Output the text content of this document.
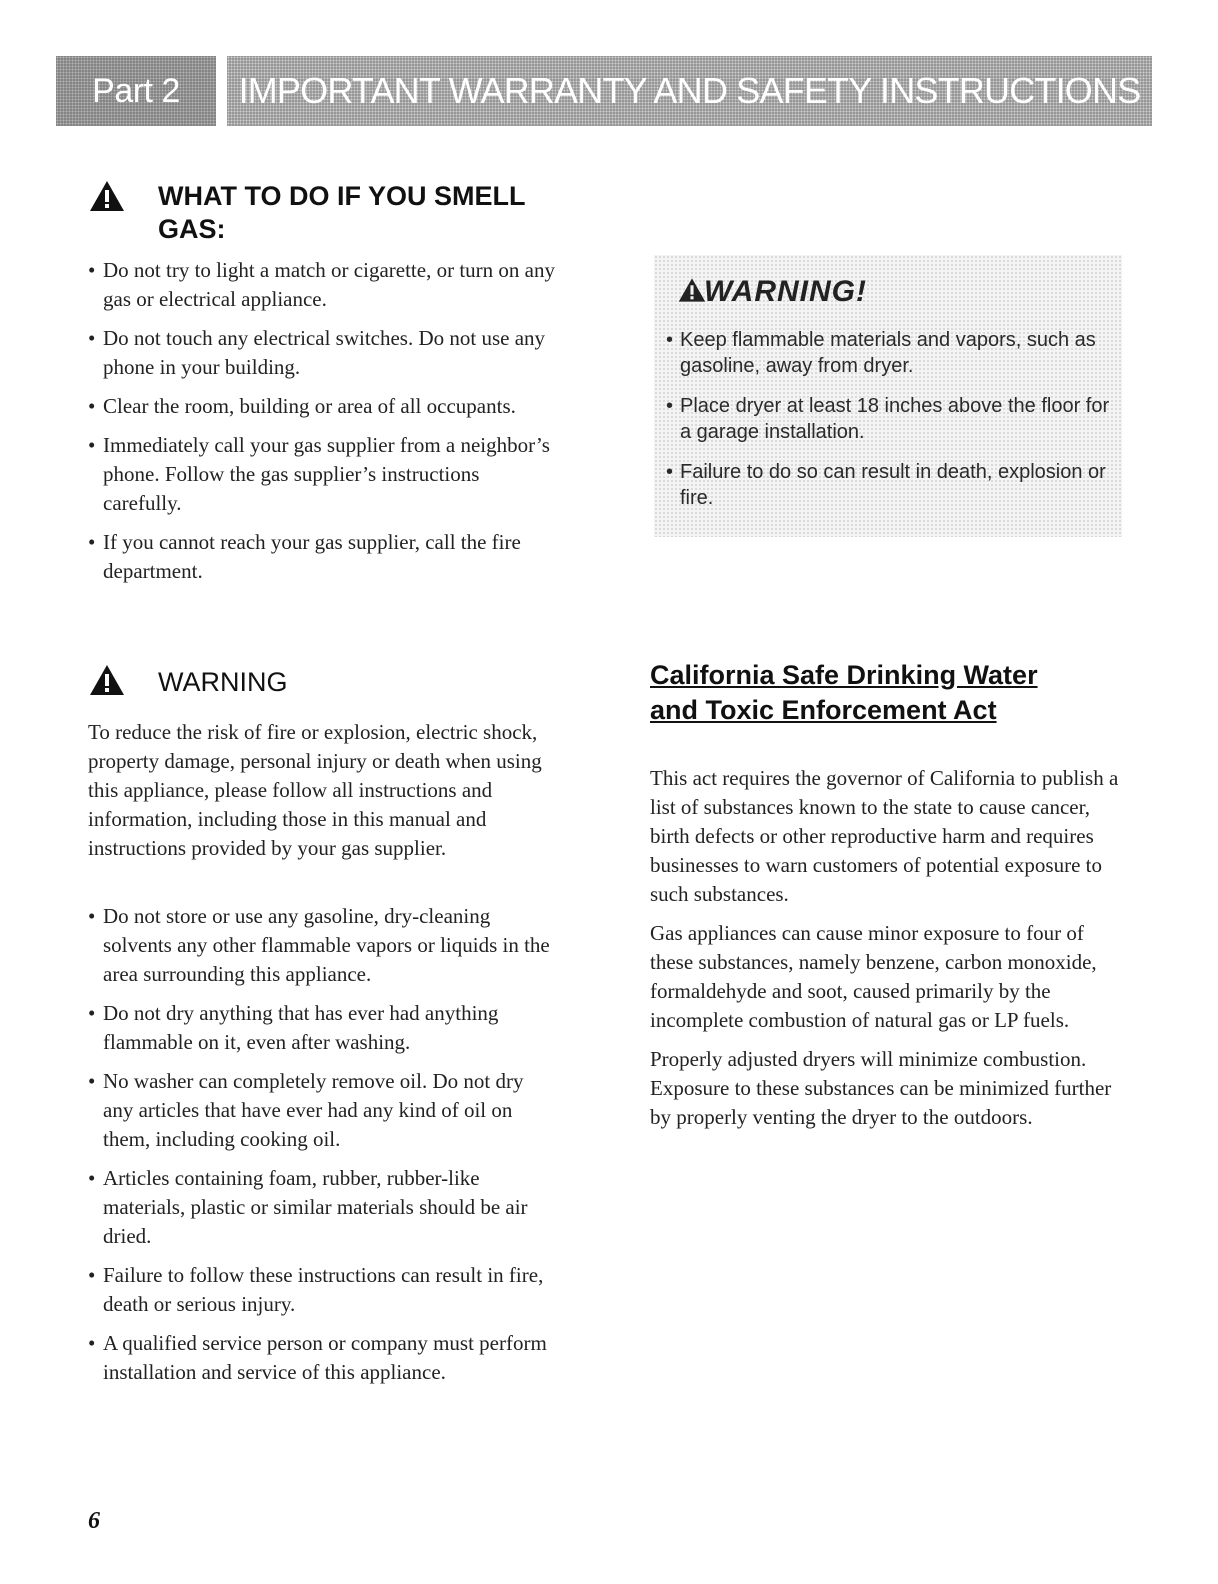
Part 2 IMPORTANT WARRANTY AND SAFETY INSTRUCTIONS
WHAT TO DO IF YOU SMELL
GAS:
• Do not try to light a match or cigarette, or turn on any gas or electrical appliance.
• Do not touch any electrical switches. Do not use any phone in your building.
• Clear the room, building or area of all occupants.
• Immediately call your gas supplier from a neighbor’s phone. Follow the gas supplier’s instructions carefully.
• If you cannot reach your gas supplier, call the fire department.
WARNING!
• Keep flammable materials and vapors, such as gasoline, away from dryer.
• Place dryer at least 18 inches above the floor for a garage installation.
• Failure to do so can result in death, explosion or fire.
WARNING

To reduce the risk of fire or explosion, electric shock, property damage, personal injury or death when using this appliance, please follow all instructions and information, including those in this manual and instructions provided by your gas supplier.

• Do not store or use any gasoline, dry-cleaning solvents any other flammable vapors or liquids in the area surrounding this appliance.
• Do not dry anything that has ever had anything flammable on it, even after washing.
• No washer can completely remove oil. Do not dry any articles that have ever had any kind of oil on them, including cooking oil.
• Articles containing foam, rubber, rubber-like materials, plastic or similar materials should be air dried.
• Failure to follow these instructions can result in fire, death or serious injury.
• A qualified service person or company must perform installation and service of this appliance.
California Safe Drinking Water
and Toxic Enforcement Act

This act requires the governor of California to publish a list of substances known to the state to cause cancer, birth defects or other reproductive harm and requires businesses to warn customers of potential exposure to such substances.

Gas appliances can cause minor exposure to four of these substances, namely benzene, carbon monoxide, formaldehyde and soot, caused primarily by the incomplete combustion of natural gas or LP fuels.

Properly adjusted dryers will minimize combustion. Exposure to these substances can be minimized further by properly venting the dryer to the outdoors.

6
